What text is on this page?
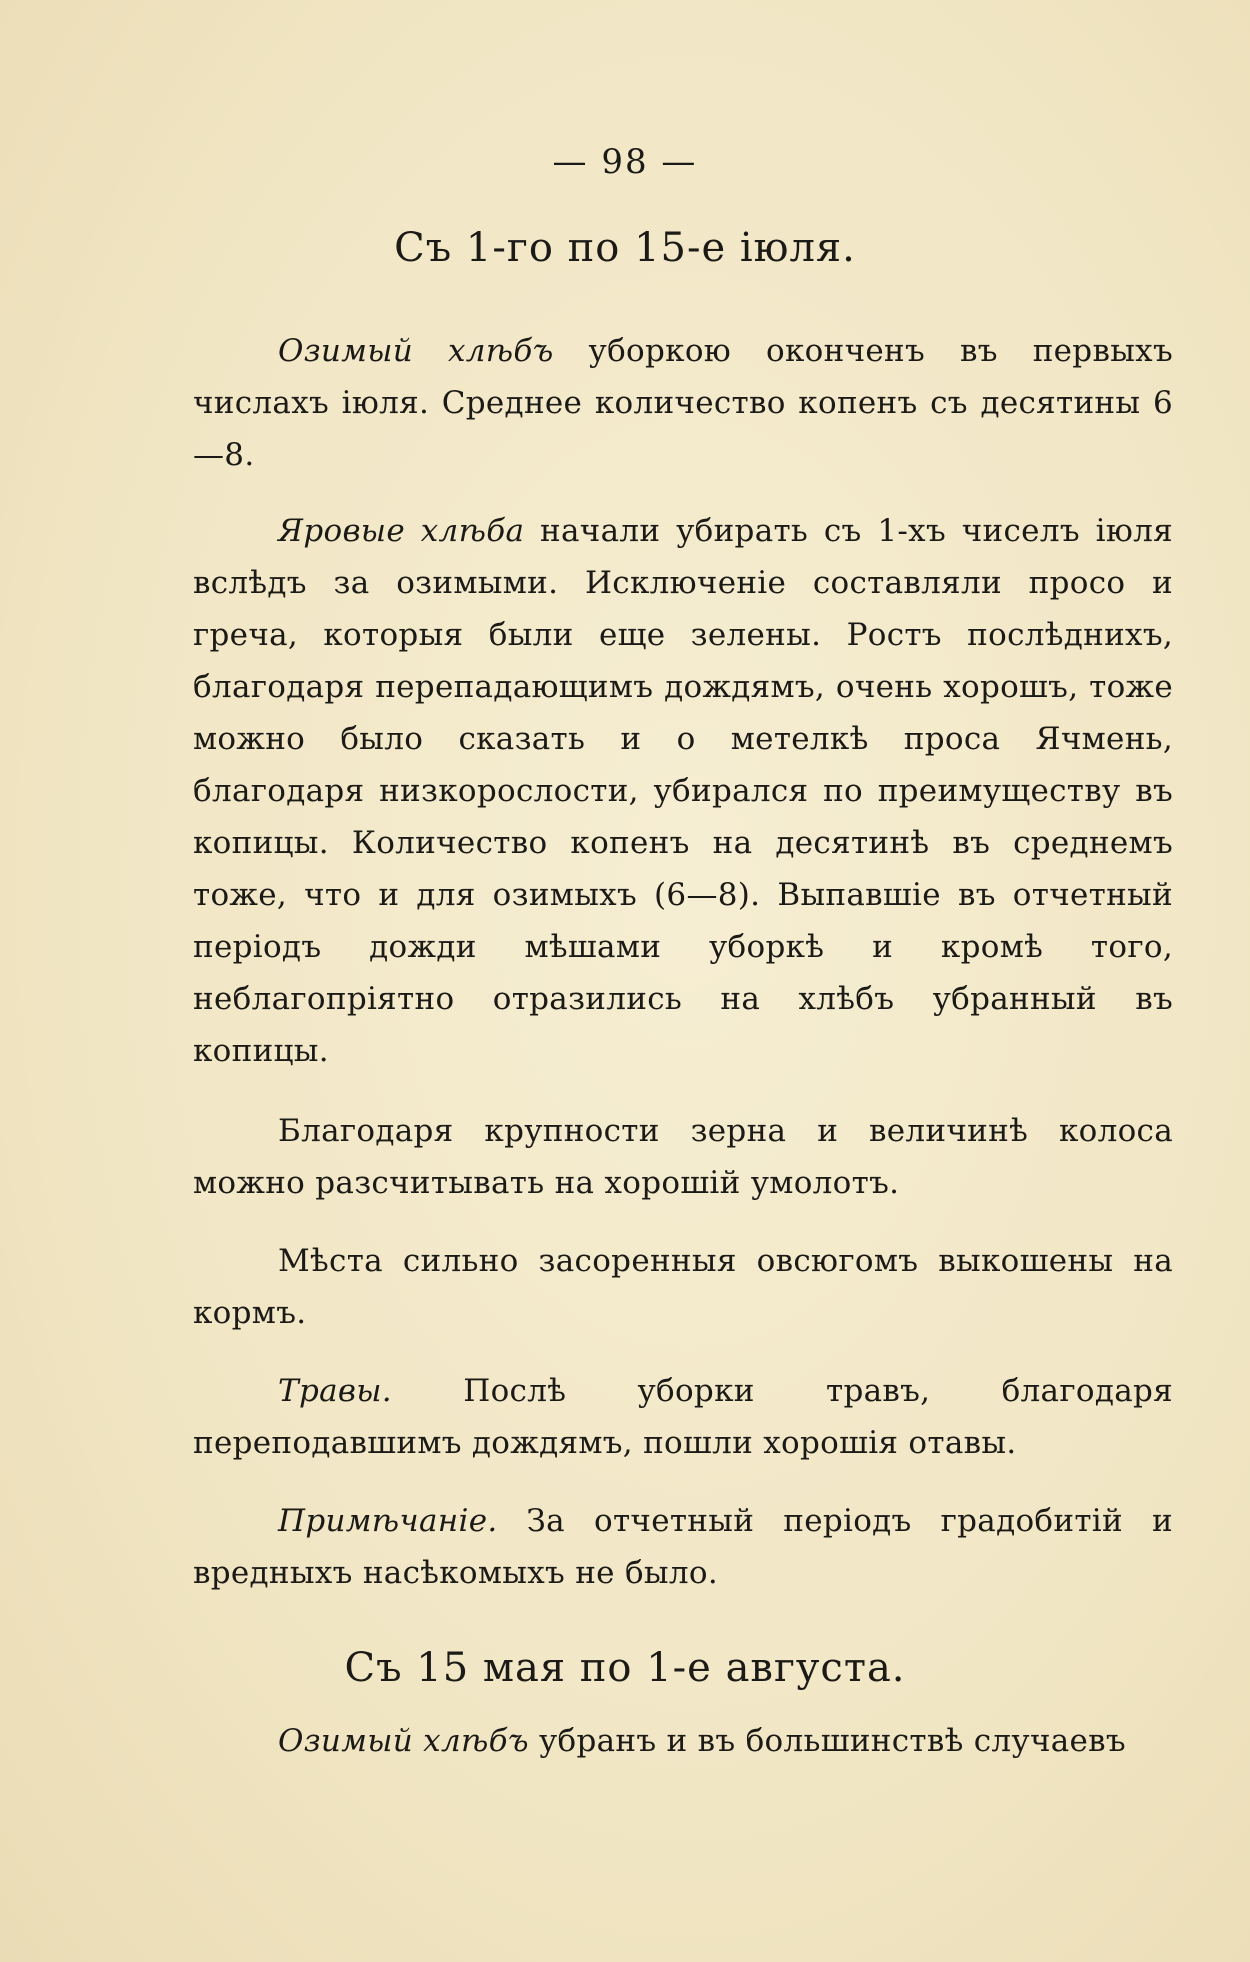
— 98 —
Съ 1-го по 15-е іюля.
Озимый хлѣбъ уборкою оконченъ въ первыхъ числахъ іюля. Среднее количество копенъ съ десятины 6—8.
Яровые хлѣба начали убирать съ 1-хъ чиселъ іюля вслѣдъ за озимыми. Исключеніе составляли просо и греча, которыя были еще зелены. Ростъ послѣднихъ, благодаря перепадающимъ дождямъ, очень хорошъ, тоже можно было сказать и о метелкѣ проса Ячмень, благодаря низкорослости, убирался по преимуществу въ копицы. Количество копенъ на десятинѣ въ среднемъ тоже, что и для озимыхъ (6—8). Выпавшіе въ отчетный періодъ дожди мѣшами уборкѣ и кромѣ того, неблагопріятно отразились на хлѣбъ убранный въ копицы.
Благодаря крупности зерна и величинѣ колоса можно разсчитывать на хорошій умолотъ.
Мѣста сильно засоренныя овсюгомъ выкошены на кормъ.
Травы. Послѣ уборки травъ, благодаря переподавшимъ дождямъ, пошли хорошія отавы.
Примѣчаніе. За отчетный періодъ градобитій и вредныхъ насѣкомыхъ не было.
Съ 15 мая по 1-е августа.
Озимый хлѣбъ убранъ и въ большинствѣ случаевъ
